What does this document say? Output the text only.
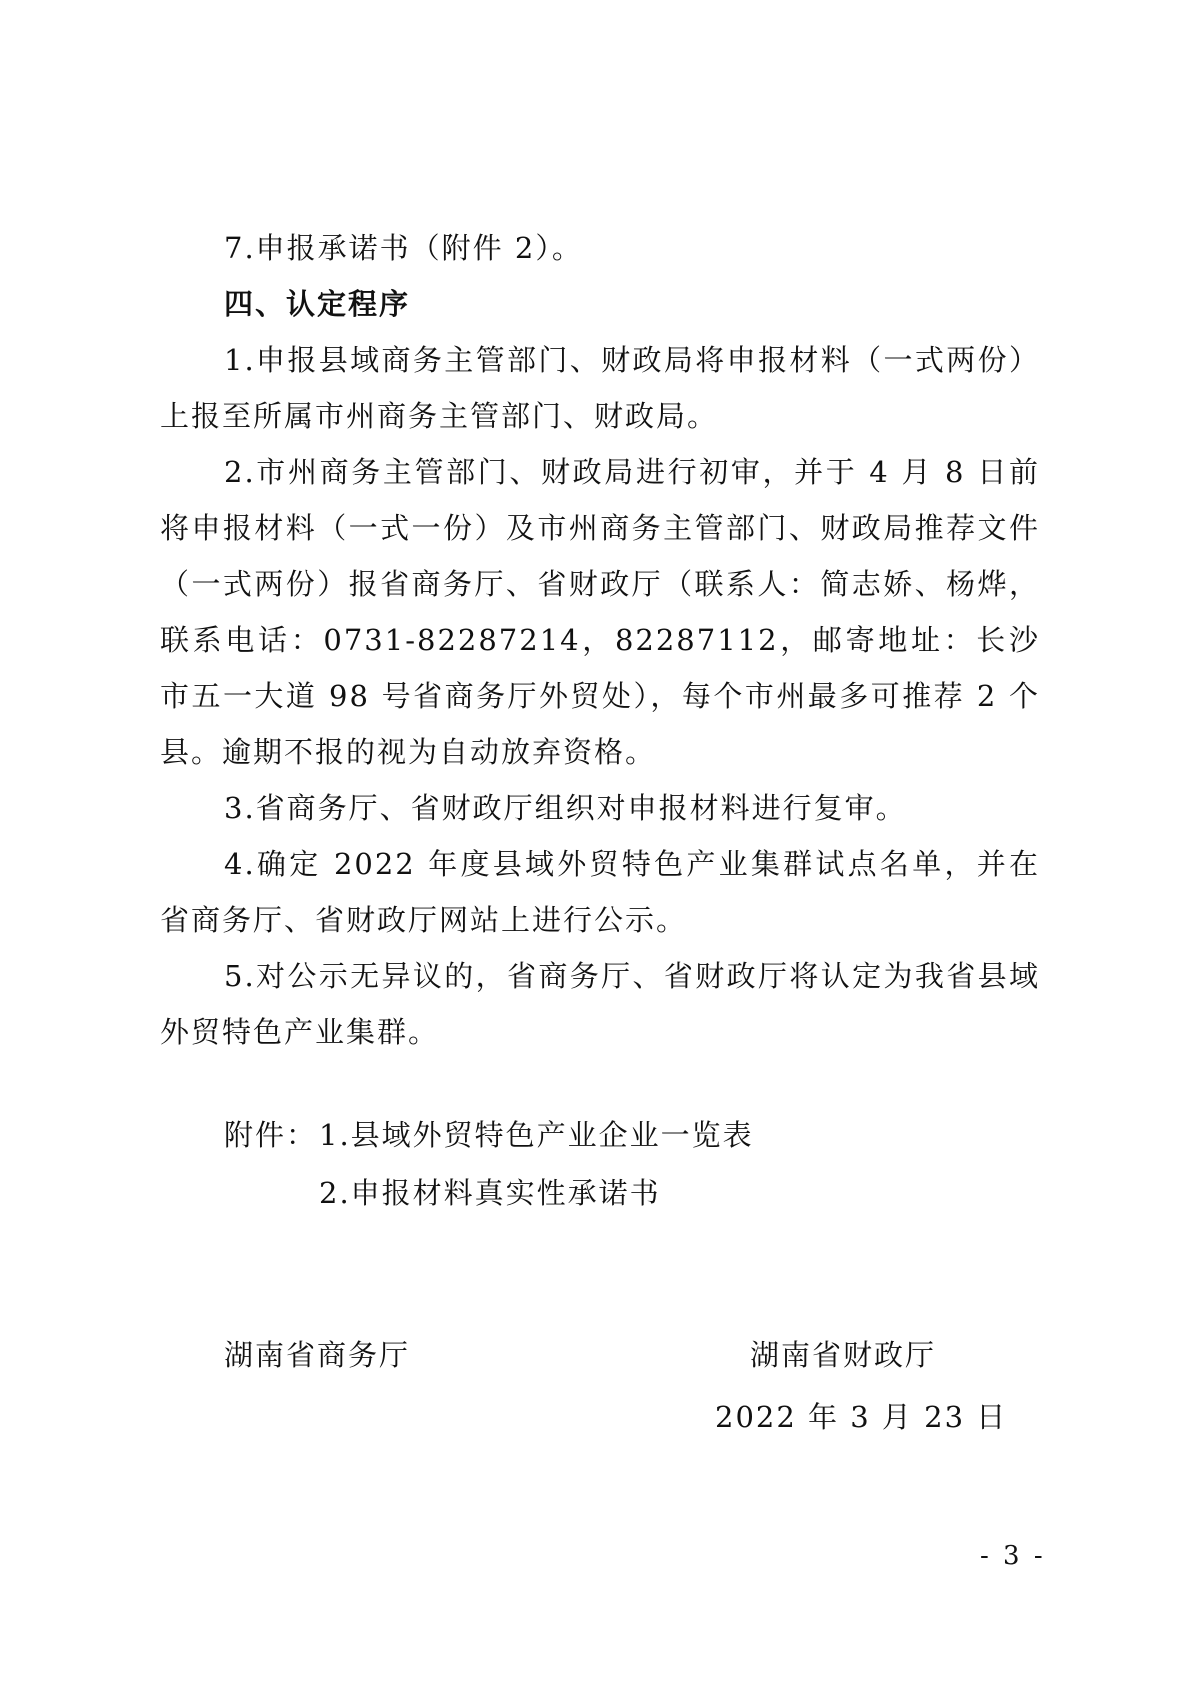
7.申报承诺书（附件 2）。

四、认定程序

1.申报县域商务主管部门、财政局将申报材料（一式两份）上报至所属市州商务主管部门、财政局。

2.市州商务主管部门、财政局进行初审，并于 4 月 8 日前将申报材料（一式一份）及市州商务主管部门、财政局推荐文件（一式两份）报省商务厅、省财政厅（联系人：简志娇、杨烨，联系电话：0731-82287214，82287112，邮寄地址：长沙市五一大道 98 号省商务厅外贸处），每个市州最多可推荐 2 个县。逾期不报的视为自动放弃资格。

3.省商务厅、省财政厅组织对申报材料进行复审。

4.确定 2022 年度县域外贸特色产业集群试点名单，并在省商务厅、省财政厅网站上进行公示。

5.对公示无异议的，省商务厅、省财政厅将认定为我省县域外贸特色产业集群。

附件：1.县域外贸特色产业企业一览表
2.申报材料真实性承诺书
湖南省商务厅	湖南省财政厅
2022 年 3 月 23 日
- 3 -
